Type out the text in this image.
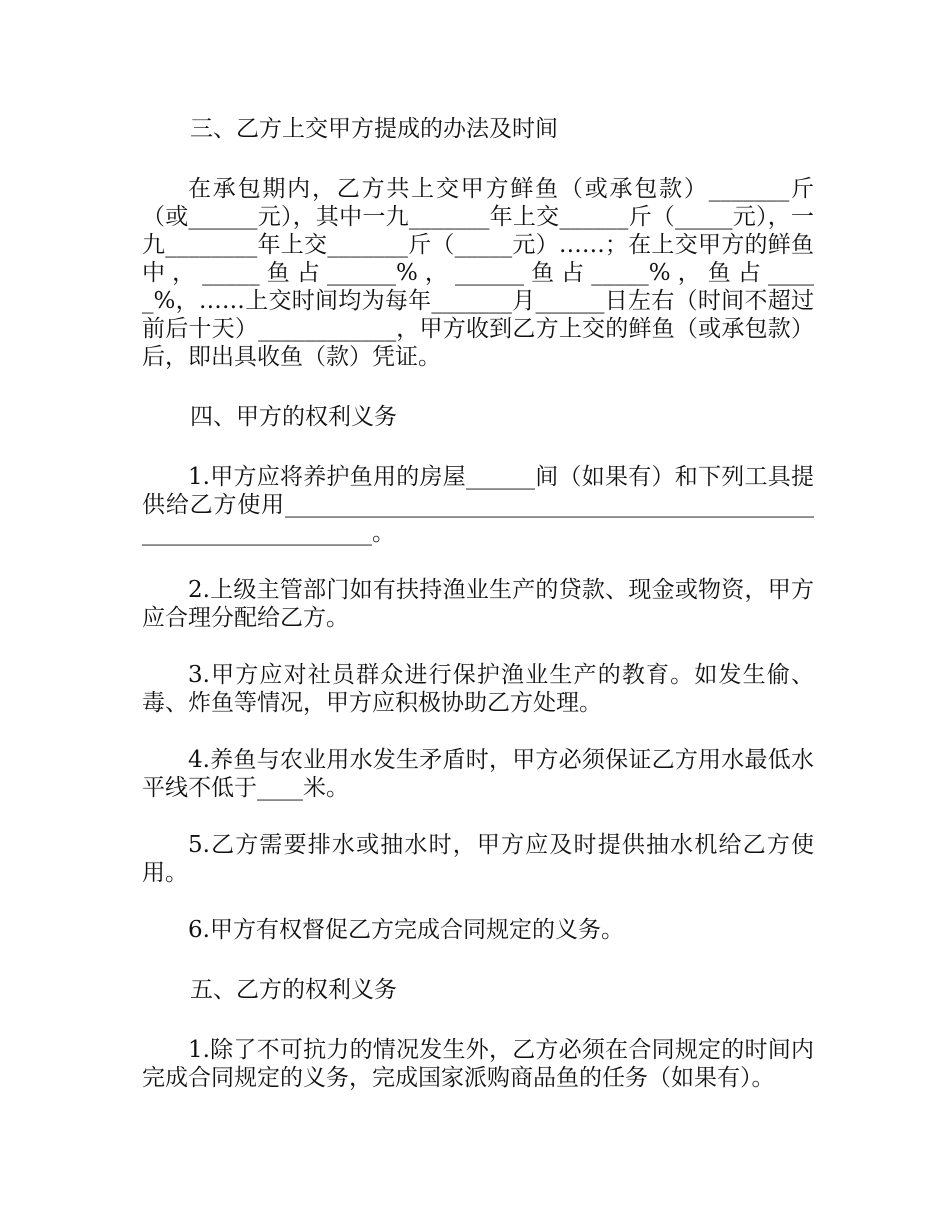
三、乙方上交甲方提成的办法及时间

在承包期内，乙方共上交甲方鲜鱼（或承包款）_______斤（或______元），其中一九_______年上交______斤（_____元），一九________年上交_______斤（_____元）……；在上交甲方的鲜鱼中，_____鱼占______%，______鱼占_____%，鱼占_____%，……上交时间均为每年_______月______日左右（时间不超过前后十天）____________，甲方收到乙方上交的鲜鱼（或承包款）后，即出具收鱼（款）凭证。

四、甲方的权利义务

1.甲方应将养护鱼用的房屋______间（如果有）和下列工具提供给乙方使用__________________________________________________________________。

2.上级主管部门如有扶持渔业生产的贷款、现金或物资，甲方应合理分配给乙方。

3.甲方应对社员群众进行保护渔业生产的教育。如发生偷、毒、炸鱼等情况，甲方应积极协助乙方处理。

4.养鱼与农业用水发生矛盾时，甲方必须保证乙方用水最低水平线不低于____米。

5.乙方需要排水或抽水时，甲方应及时提供抽水机给乙方使用。

6.甲方有权督促乙方完成合同规定的义务。

五、乙方的权利义务

1.除了不可抗力的情况发生外，乙方必须在合同规定的时间内完成合同规定的义务，完成国家派购商品鱼的任务（如果有）。
